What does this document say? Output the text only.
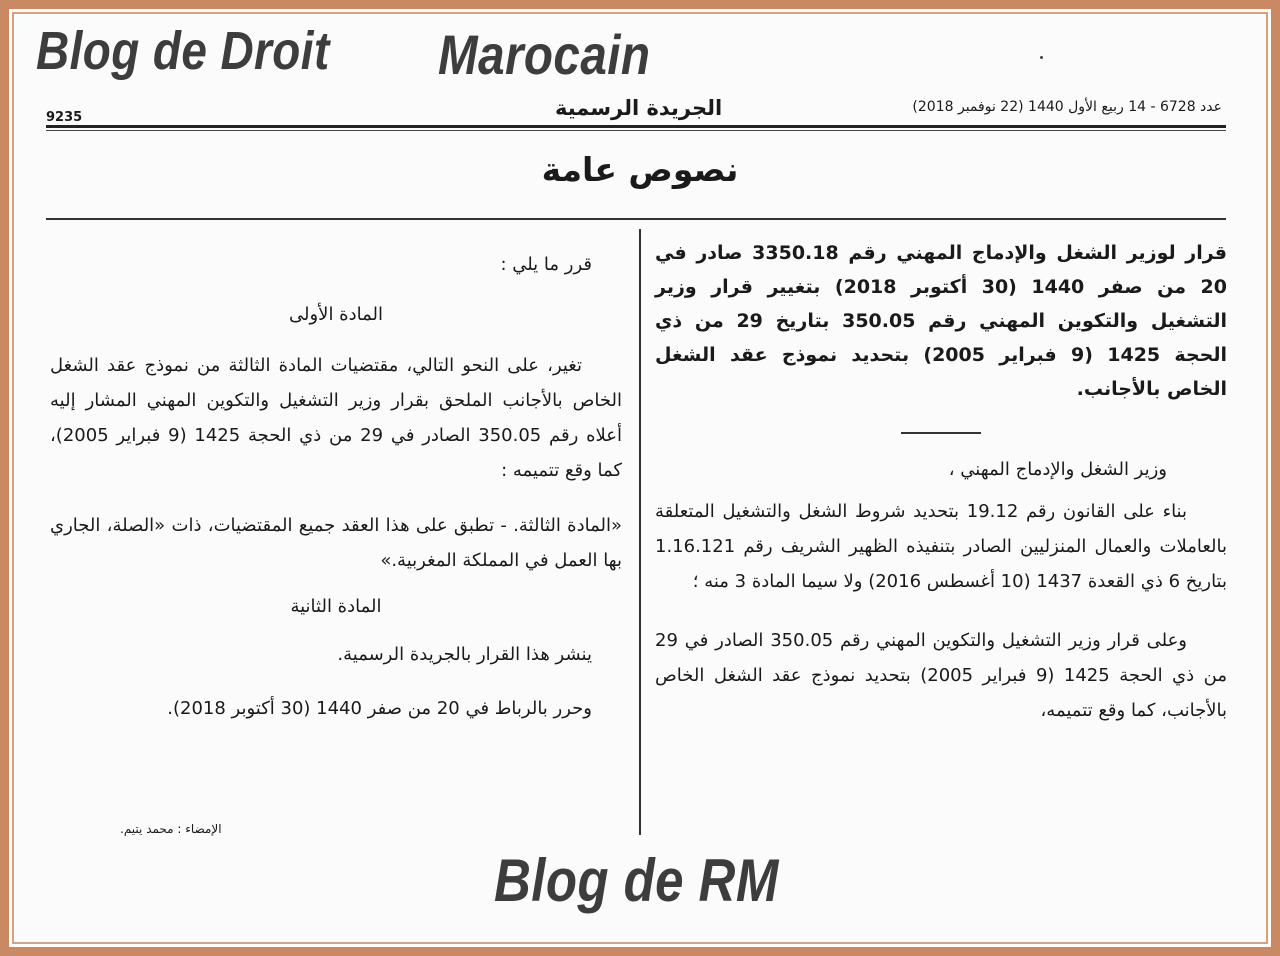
Blog de Droit Marocain
9235	الجريدة الرسمية	عدد 6728 - 14 ربيع الأول 1440 (22 نوفمبر 2018)
نصوص عامة

قرار لوزير الشغل والإدماج المهني رقم 3350.18 صادر في 20 من صفر 1440 (30 أكتوبر 2018) بتغيير قرار وزير التشغيل والتكوين المهني رقم 350.05 بتاريخ 29 من ذي الحجة 1425 (9 فبراير 2005) بتحديد نموذج عقد الشغل الخاص بالأجانب.

وزير الشغل والإدماج المهني ،

بناء على القانون رقم 19.12 بتحديد شروط الشغل والتشغيل المتعلقة بالعاملات والعمال المنزليين الصادر بتنفيذه الظهير الشريف رقم 1.16.121 بتاريخ 6 ذي القعدة 1437 (10 أغسطس 2016) ولا سيما المادة 3 منه ؛

وعلى قرار وزير التشغيل والتكوين المهني رقم 350.05 الصادر في 29 من ذي الحجة 1425 (9 فبراير 2005) بتحديد نموذج عقد الشغل الخاص بالأجانب، كما وقع تتميمه،

قرر ما يلي :

المادة الأولى

تغير، على النحو التالي، مقتضيات المادة الثالثة من نموذج عقد الشغل الخاص بالأجانب الملحق بقرار وزير التشغيل والتكوين المهني المشار إليه أعلاه رقم 350.05 الصادر في 29 من ذي الحجة 1425 (9 فبراير 2005)، كما وقع تتميمه :

«المادة الثالثة. - تطبق على هذا العقد جميع المقتضيات، ذات «الصلة، الجاري بها العمل في المملكة المغربية.»

المادة الثانية

ينشر هذا القرار بالجريدة الرسمية.

وحرر بالرباط في 20 من صفر 1440 (30 أكتوبر 2018).

الإمضاء : محمد يتيم.
Blog de RM
